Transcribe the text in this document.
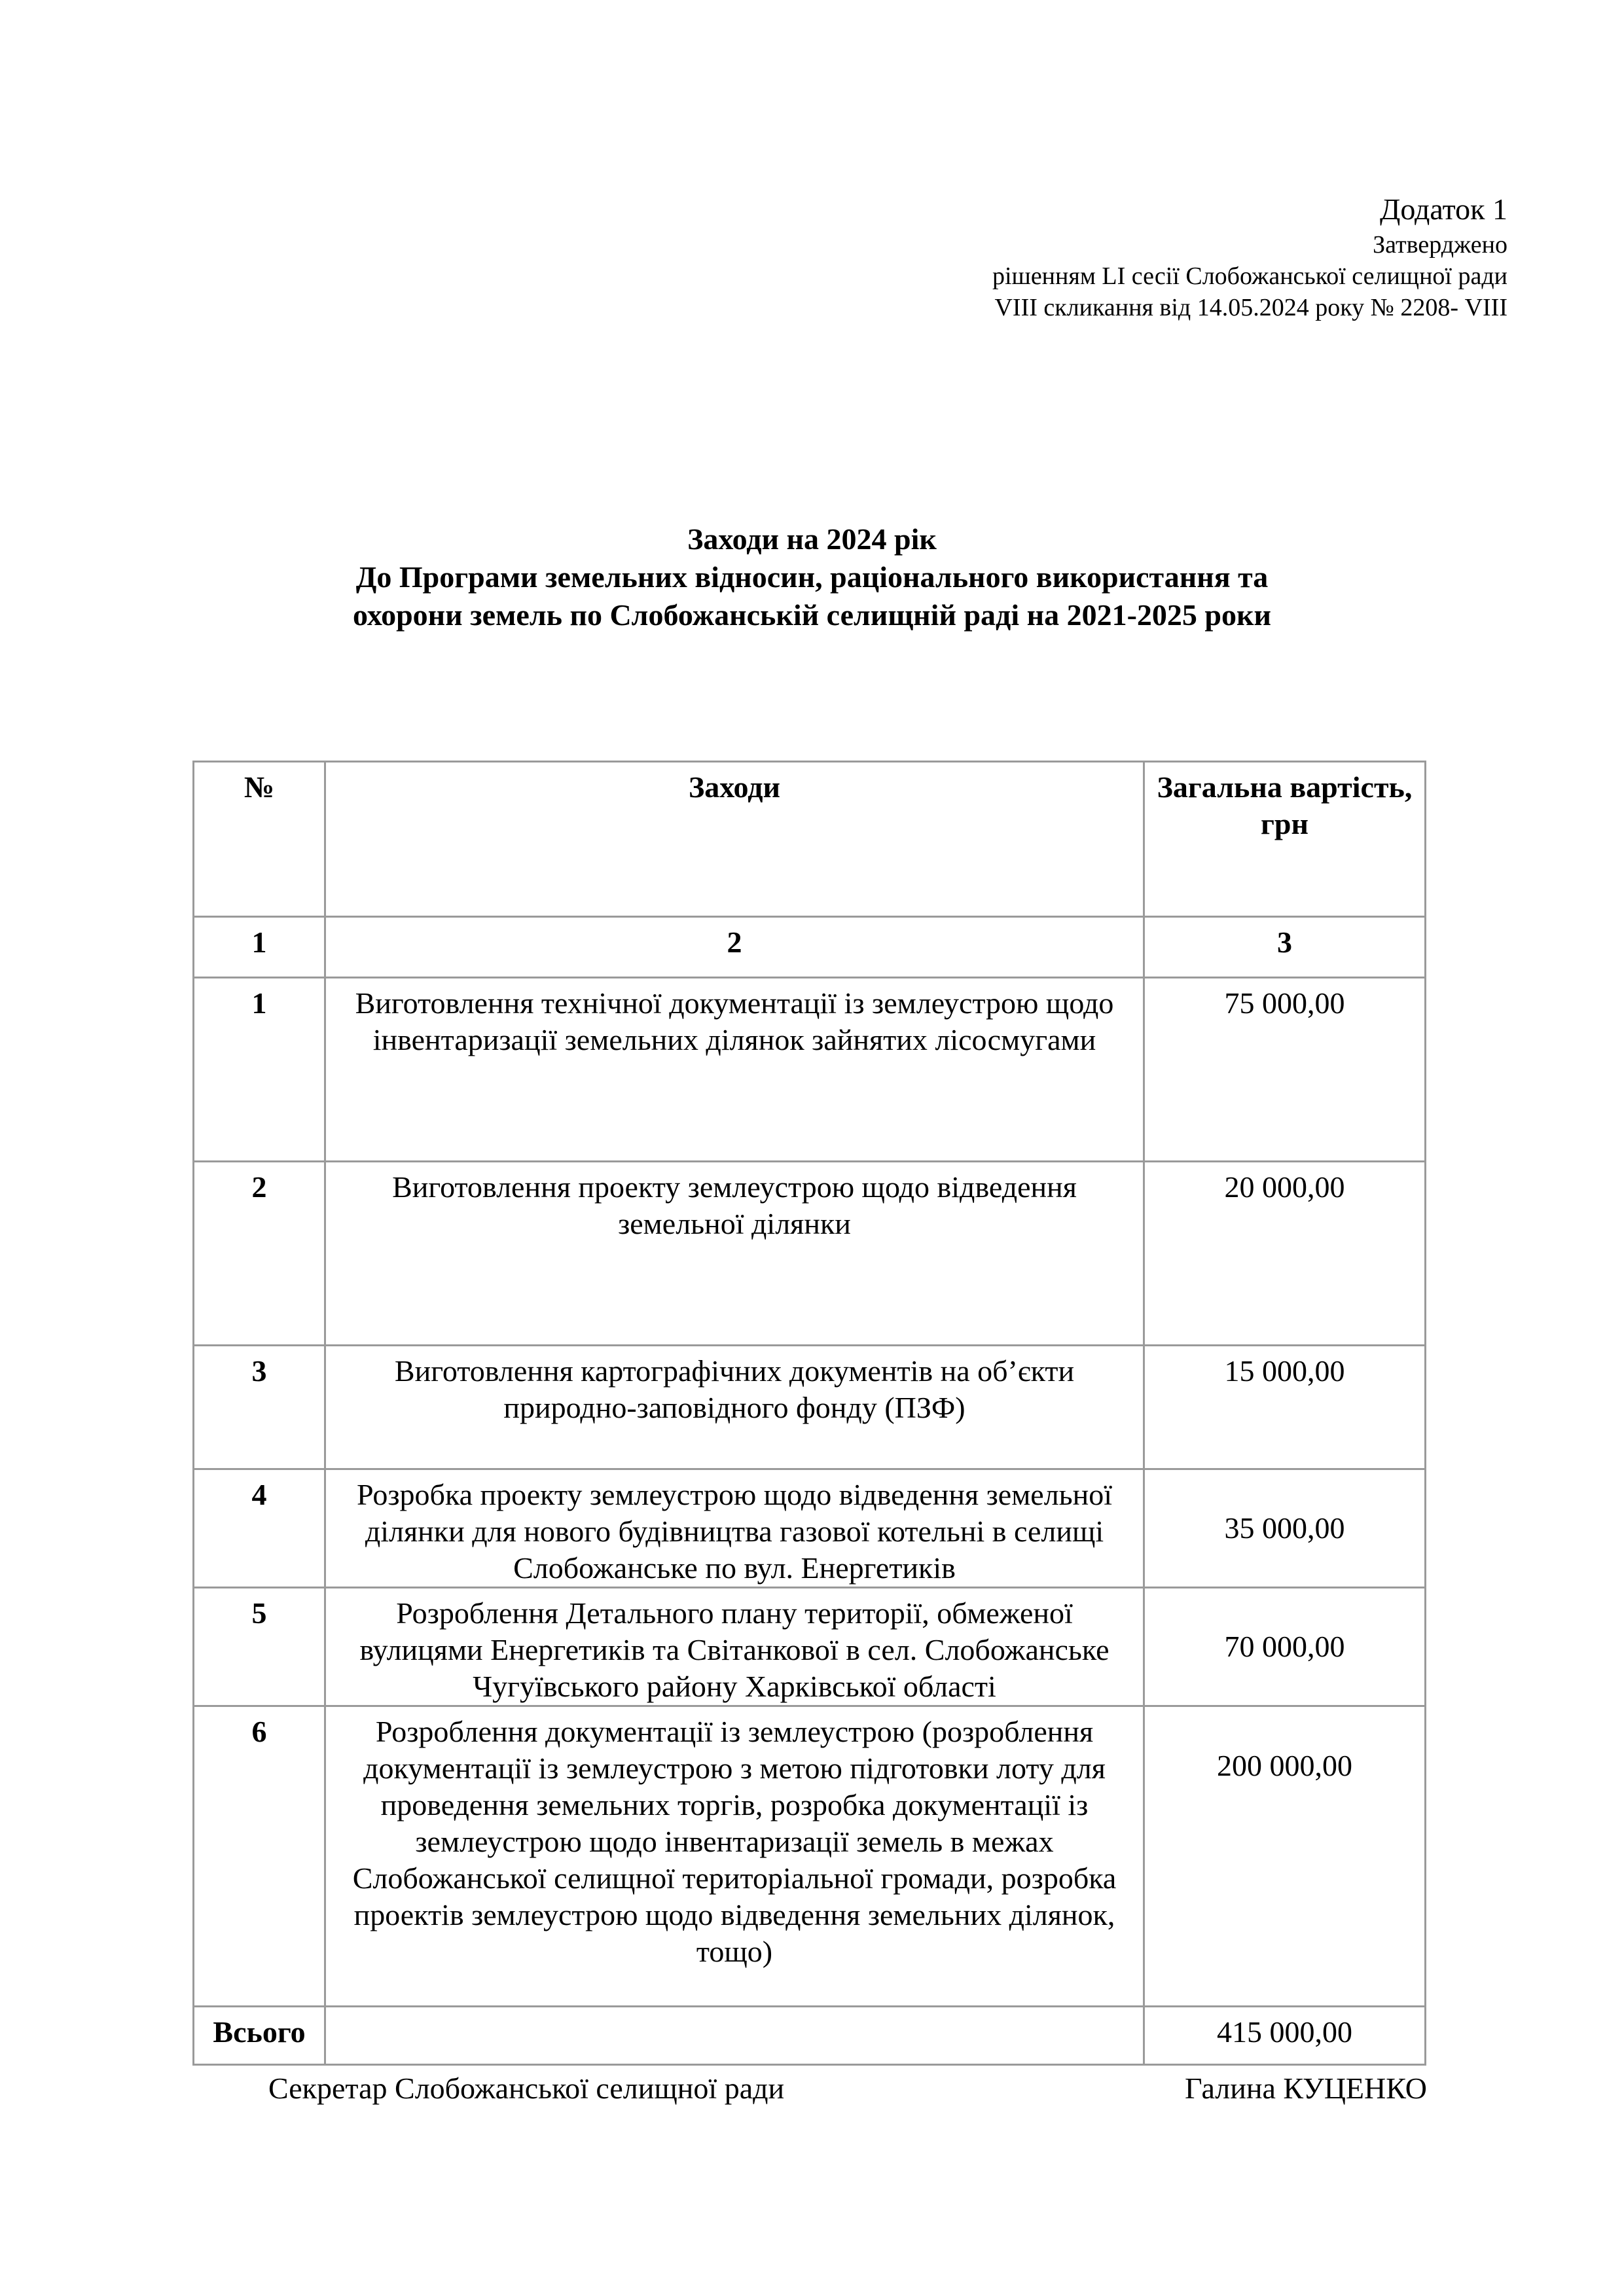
Додаток 1
Затверджено
рішенням LI сесії Слобожанської селищної ради
VIII скликання від 14.05.2024 року № 2208- VIII
Заходи на 2024 рік
До Програми земельних відносин, раціонального використання та
охорони земель по Слобожанській селищній раді на 2021-2025 роки
№	Заходи	Загальна вартість, грн
1	2	3
1	Виготовлення технічної документації із землеустрою щодо інвентаризації земельних ділянок зайнятих лісосмугами	75 000,00
2	Виготовлення проекту землеустрою щодо відведення земельної ділянки	20 000,00
3	Виготовлення картографічних документів на об’єкти природно-заповідного фонду (ПЗФ)	15 000,00
4	Розробка проекту землеустрою щодо відведення земельної ділянки для нового будівництва газової котельні в селищі Слобожанське по вул. Енергетиків	35 000,00
5	Розроблення Детального плану території, обмеженої вулицями Енергетиків та Світанкової в сел. Слобожанське Чугуївського району Харківської області	70 000,00
6	Розроблення документації із землеустрою (розроблення документації із землеустрою з метою підготовки лоту для проведення земельних торгів, розробка документації із землеустрою щодо інвентаризації земель в межах Слобожанської селищної територіальної громади, розробка проектів землеустрою щодо відведення земельних ділянок, тощо)	200 000,00
Всього		415 000,00
Секретар Слобожанської селищної ради	Галина КУЦЕНКО
